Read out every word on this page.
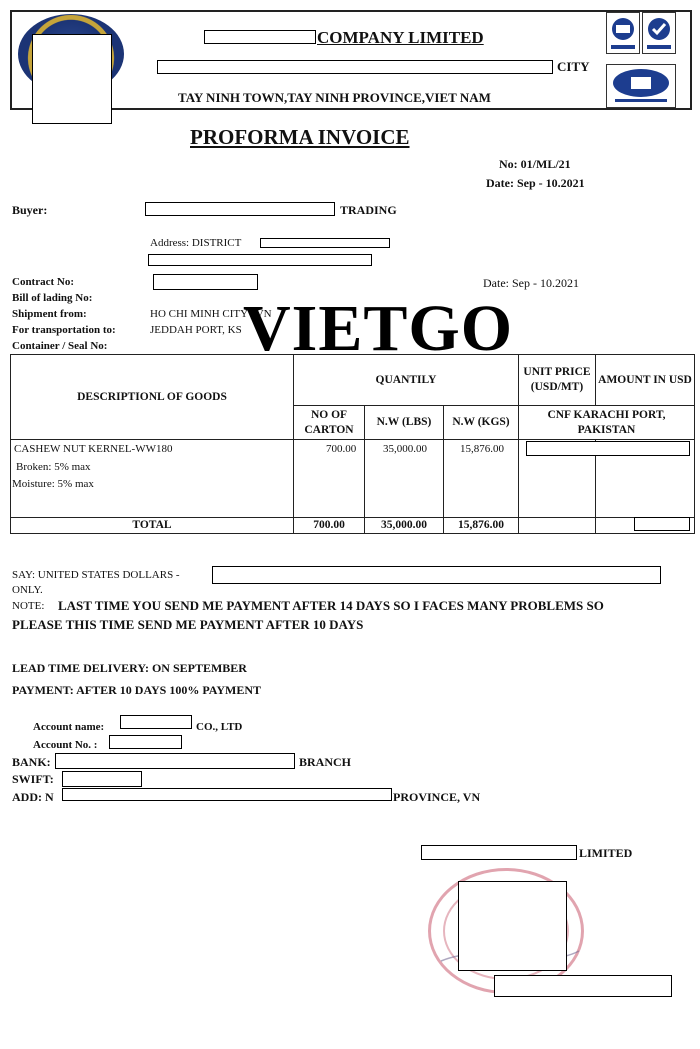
COMPANY LIMITED
CITY
TAY NINH TOWN,TAY NINH PROVINCE,VIET NAM
PROFORMA INVOICE
No: 01/ML/21
Date: Sep - 10.2021
Buyer:	TRADING
Address: DISTRICT
Contract No:	Date: Sep - 10.2021
Bill of lading No:
Shipment from:	HO CHI MINH CITY , VN
For transportation to:	JEDDAH PORT, KS
Container / Seal No:
DESCRIPTIONL OF GOODS
QUANTILY
UNIT PRICE (USD/MT)
AMOUNT IN USD
NO OF CARTON
N.W (LBS)	N.W (KGS)
CNF KARACHI PORT, PAKISTAN
CASHEW NUT KERNEL-WW180
Broken: 5% max
Moisture: 5% max
700.00 35,000.00	15,876.00
TOTAL	700.00	35,000.00	15,876.00
VIETGO
SAY: UNITED STATES DOLLARS -
ONLY.
NOTE: LAST TIME YOU SEND ME PAYMENT AFTER 14 DAYS SO I FACES MANY PROBLEMS SO
PLEASE THIS TIME SEND ME PAYMENT AFTER 10 DAYS
LEAD TIME DELIVERY: ON SEPTEMBER
PAYMENT: AFTER 10 DAYS 100% PAYMENT
Account name:	CO., LTD
Account No. :
BANK:	BRANCH
SWIFT:
ADD: N	PROVINCE, VN
LIMITED
